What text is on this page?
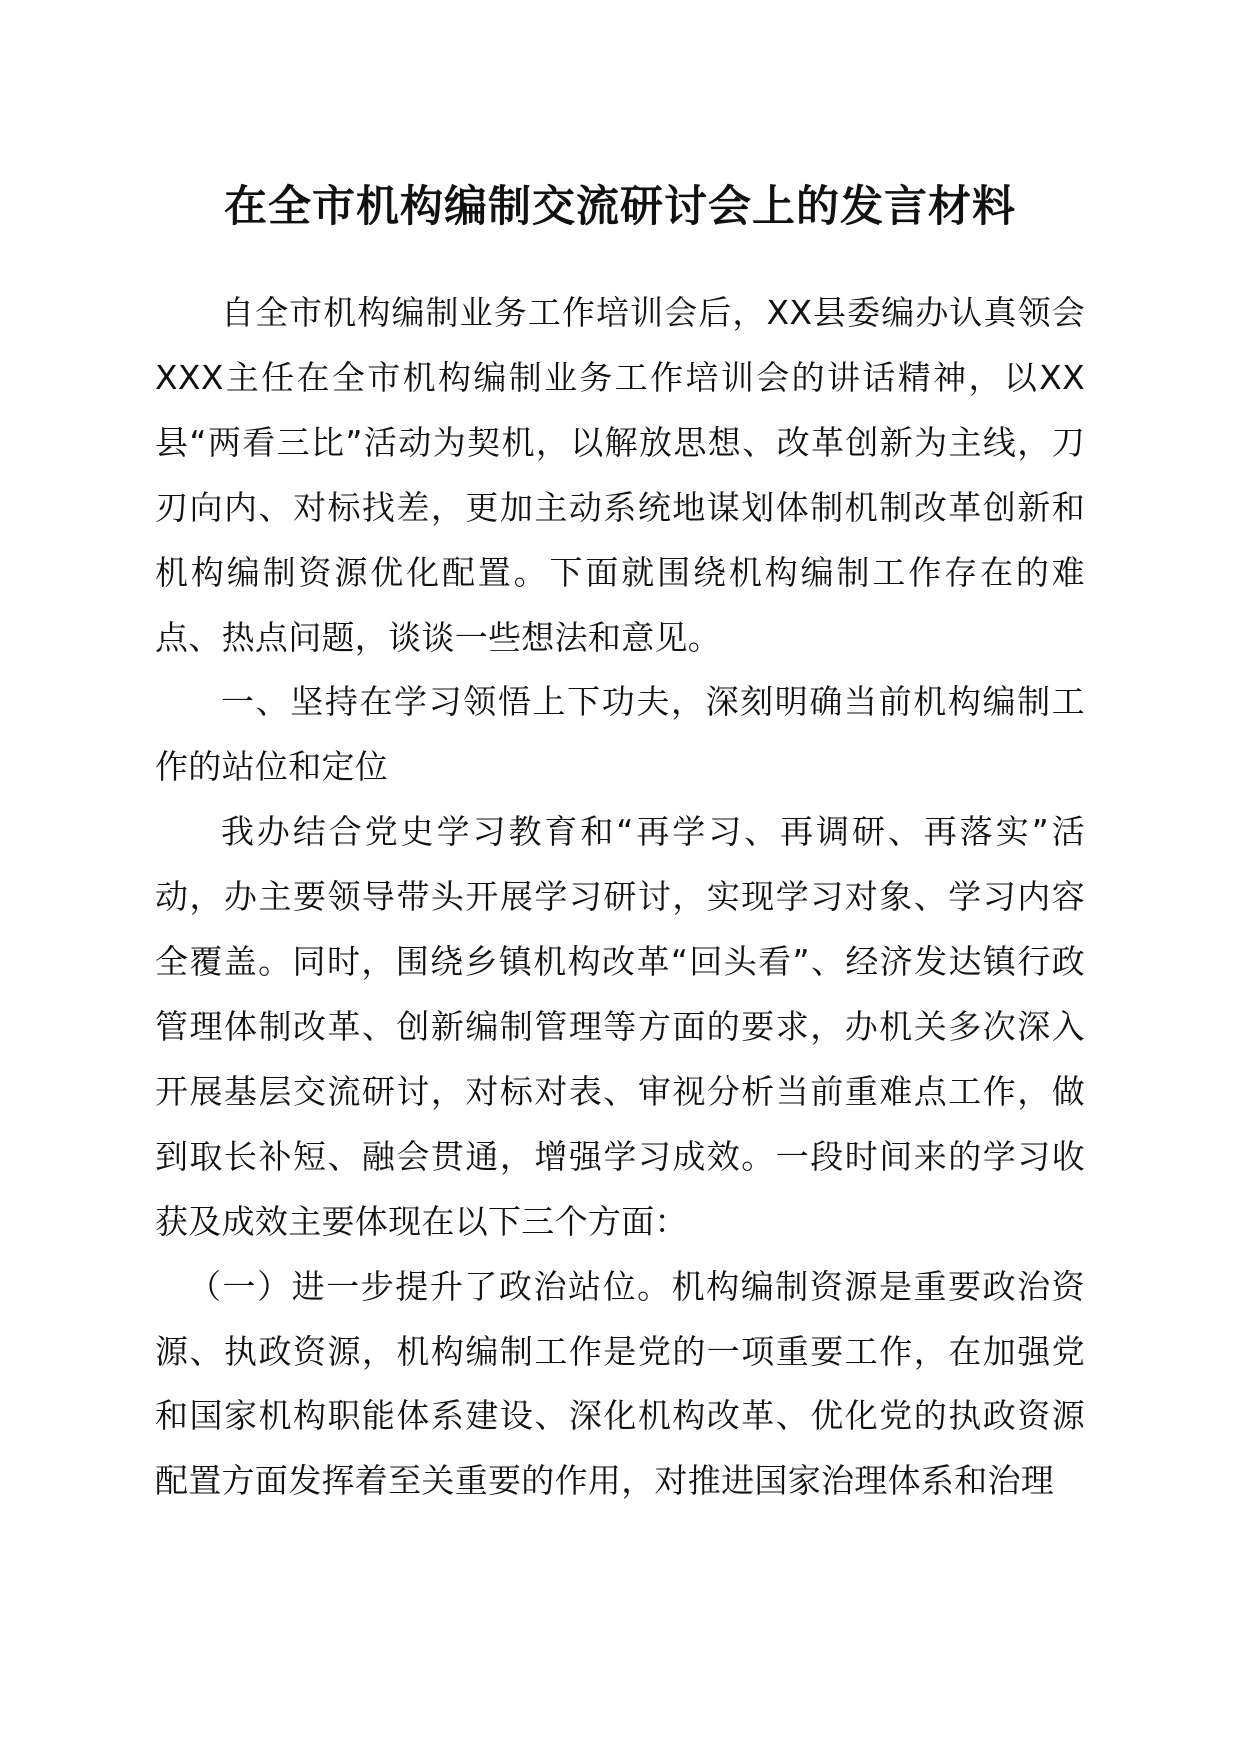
在全市机构编制交流研讨会上的发言材料

自全市机构编制业务工作培训会后，XX县委编办认真领会XXX主任在全市机构编制业务工作培训会的讲话精神，以XX县“两看三比”活动为契机，以解放思想、改革创新为主线，刀刃向内、对标找差，更加主动系统地谋划体制机制改革创新和机构编制资源优化配置。下面就围绕机构编制工作存在的难点、热点问题，谈谈一些想法和意见。

一、坚持在学习领悟上下功夫，深刻明确当前机构编制工作的站位和定位

我办结合党史学习教育和“再学习、再调研、再落实”活动，办主要领导带头开展学习研讨，实现学习对象、学习内容全覆盖。同时，围绕乡镇机构改革“回头看”、经济发达镇行政管理体制改革、创新编制管理等方面的要求，办机关多次深入开展基层交流研讨，对标对表、审视分析当前重难点工作，做到取长补短、融会贯通，增强学习成效。一段时间来的学习收获及成效主要体现在以下三个方面：

（一）进一步提升了政治站位。机构编制资源是重要政治资源、执政资源，机构编制工作是党的一项重要工作，在加强党和国家机构职能体系建设、深化机构改革、优化党的执政资源配置方面发挥着至关重要的作用，对推进国家治理体系和治理
